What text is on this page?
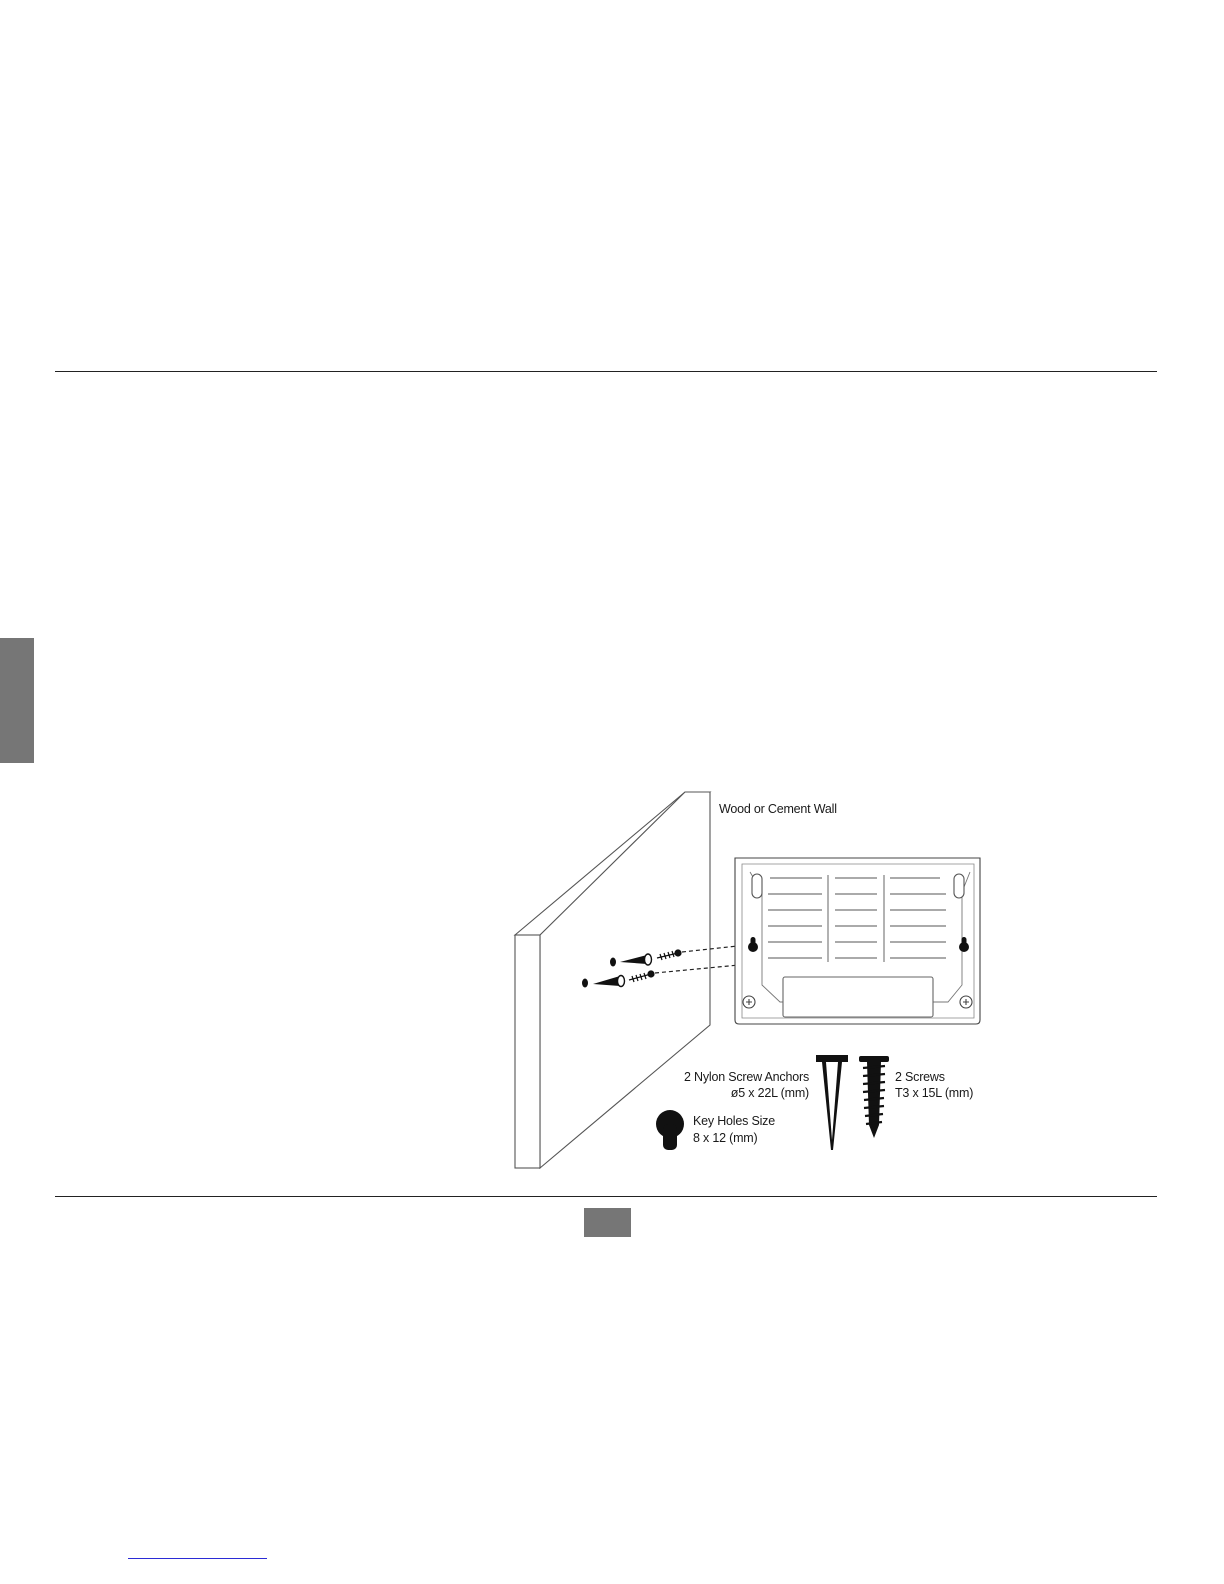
Wood or Cement Wall
2 Nylon Screw Anchors
ø5 x 22L (mm)
2 Screws
T3 x 15L (mm)
Key Holes Size
8 x 12 (mm)
